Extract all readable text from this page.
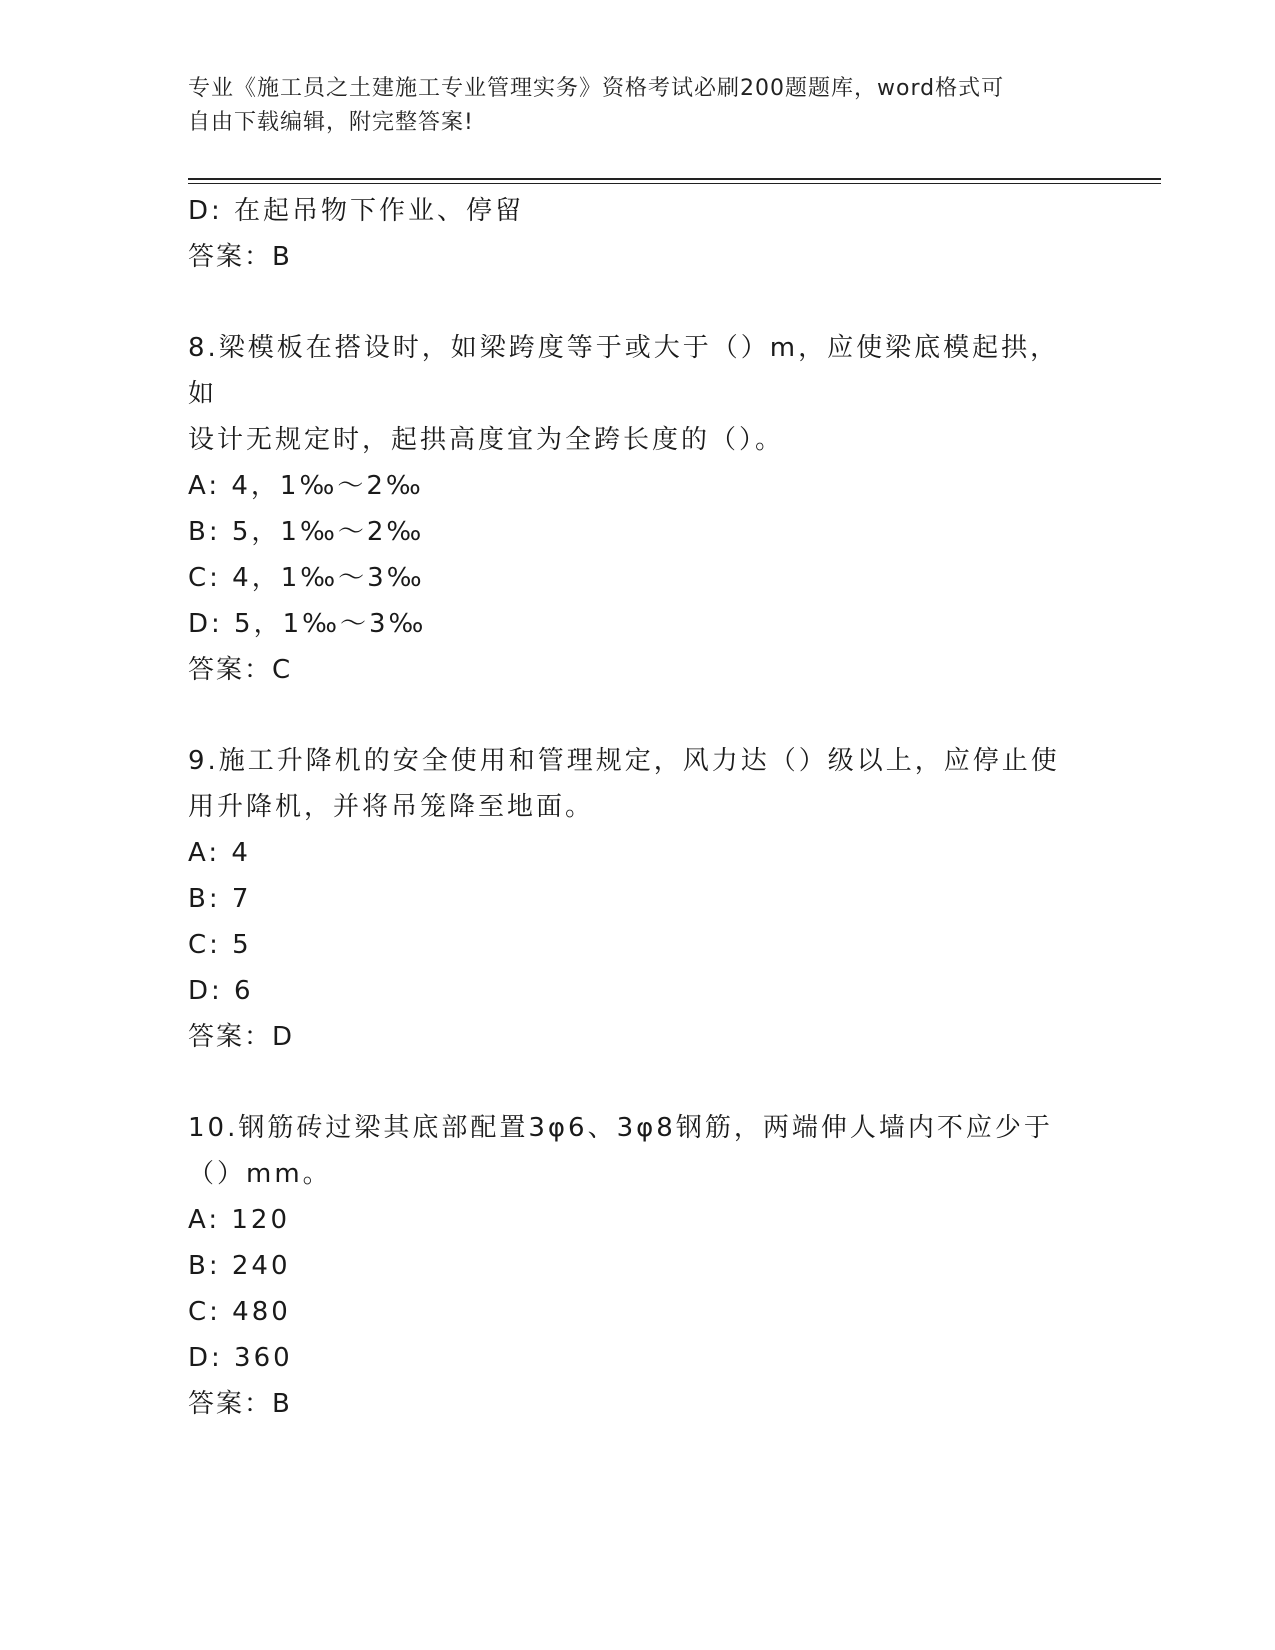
专业《施工员之土建施工专业管理实务》资格考试必刷200题题库，word格式可
自由下载编辑，附完整答案!
D: 在起吊物下作业、停留
答案：B
8.梁模板在搭设时，如梁跨度等于或大于（）m，应使梁底模起拱，如
设计无规定时，起拱高度宜为全跨长度的（）。
A: 4，1‰～2‰
B: 5，1‰～2‰
C: 4，1‰～3‰
D: 5，1‰～3‰
答案：C
9.施工升降机的安全使用和管理规定，风力达（）级以上，应停止使
用升降机，并将吊笼降至地面。
A: 4
B: 7
C: 5
D: 6
答案：D
10.钢筋砖过梁其底部配置3φ6、3φ8钢筋，两端伸人墙内不应少于
（）mm。
A: 120
B: 240
C: 480
D: 360
答案：B
